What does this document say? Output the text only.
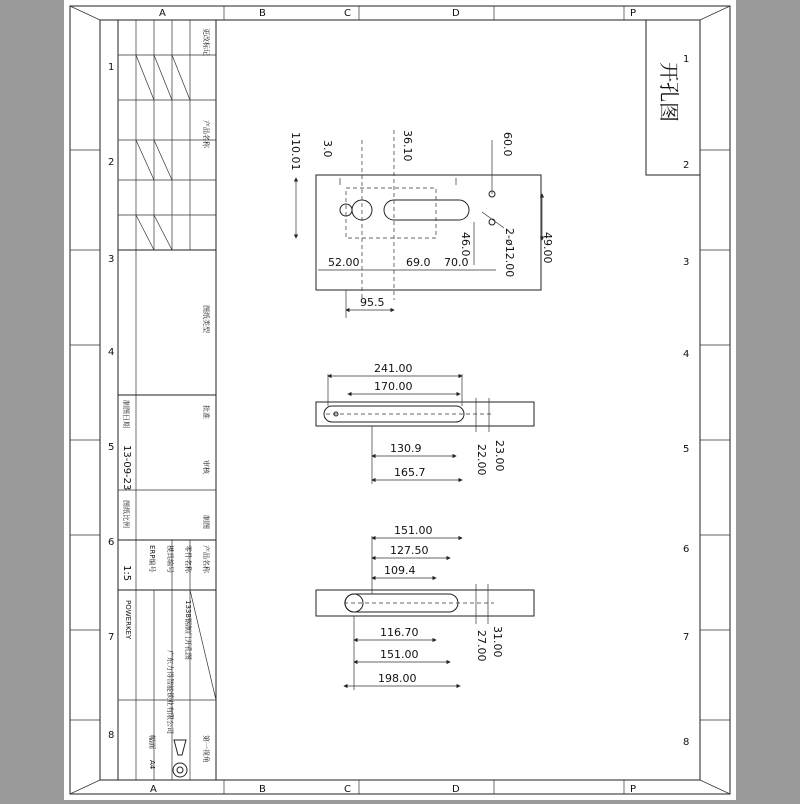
A	B	C	D	P
A	B	C	D	P
1
2
3
4
5
6
7
8
1
2
3
4
5
6
7
8
更改标记
产品名称
图纸类型
制图日期
13-09-23
批准
审核
图纸比例
1:5
制图
产品名称
零件名称
模具编号
ERP编号
1338钢制门开孔图
广东力得智能锁业有限公司
POWERKEY
第一视角
幅面
A4
开孔图
110.01 3.0	36.10	60.0
49.00
46.0	2-ø12.00
52.00	69.0 70.0
95.5
241.00
170.00
130.9
165.7	22.00 23.00
151.00
127.50
109.4
116.70
151.00
198.00
27.00 31.00
